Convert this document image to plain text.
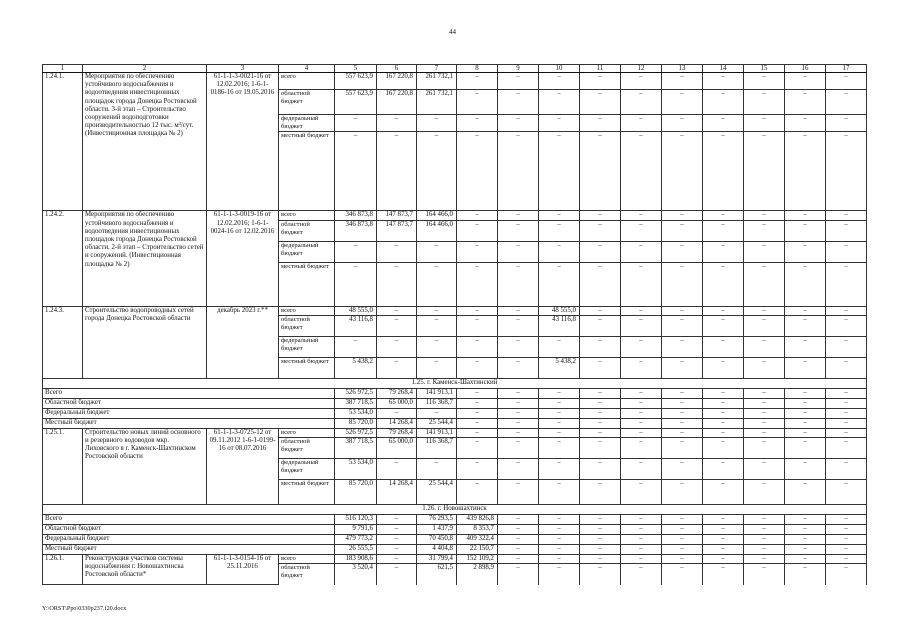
44
1	2	3	4	5	6	7	8	9	10	11	12	13	14	15	16	17
1.24.1.	Мероприятия по обеспечению устойчивого водоснабжения и водоотведения инвестиционных площадок города Донецка Ростовской области. 3-й этап – Строительство сооружений водоподготовки производительностью 12 тыс. м³/сут. (Инвестиционная площадка № 2)	61-1-1-3-0021-16 от 12.02.2016; 1-6-1-0186-16 от 19.05.2016	всего	557 623,9	167 220,8	261 732,1	–	–	–	–	–	–	–	–	–	–
			областной бюджет	557 623,9	167 220,8	261 732,1	–	–	–	–	–	–	–	–	–	–
			федеральный бюджет	–	–	–	–	–	–	–	–	–	–	–	–	–
			местный бюджет	–	–	–	–	–	–	–	–	–	–	–	–	–
1.24.2.	Мероприятия по обеспечению устойчивого водоснабжения и водоотведения инвестиционных площадок города Донецка Ростовской области. 2-й этап – Строительство сетей и сооружений. (Инвестиционная площадка № 2)	61-1-1-3-0019-16 от 12.02.2016; 1-6-1-0024-16 от 12.02.2016	всего	346 873,8	147 873,7	164 466,0	–	–	–	–	–	–	–	–	–	–
			областной бюджет	346 873,8	147 873,7	164 466,0	–	–	–	–	–	–	–	–	–	–
			федеральный бюджет	–	–	–	–	–	–	–	–	–	–	–	–	–
			местный бюджет	–	–	–	–	–	–	–	–	–	–	–	–	–
1.24.3.	Строительство водопроводных сетей города Донецка Ростовской области	декабрь 2023 г.**	всего	48 555,0	–	–	–	–	48 555,0	–	–	–	–	–	–	–
			областной бюджет	43 116,8	–	–	–	–	43 116,8	–	–	–	–	–	–	–
			федеральный бюджет	–	–	–	–	–	–	–	–	–	–	–	–	–
			местный бюджет	5 438,2	–	–	–	–	5 438,2	–	–	–	–	–	–	–
1.25. г. Каменск-Шахтинский																
Всего				526 972,5	79 268,4	141 913,1	–	–	–	–	–	–	–	–	–	–
Областной бюджет				387 718,5	65 000,0	116 368,7	–	–	–	–	–	–	–	–	–	–
Федеральный бюджет				53 534,0	–	–	–	–	–	–	–	–	–	–	–	–
Местный бюджет				85 720,0	14 268,4	25 544,4	–	–	–	–	–	–	–	–	–	–
1.25.1.	Строительство новых линий основного и резервного водоводов мкр. Лиховского в г. Каменск-Шахтинском Ростовской области	61-1-1-3-0725-12 от 09.11.2012 1-6-1-0199-16 от 08.07.2016	всего	526 972,5	79 268,4	141 913,1	–	–	–	–	–	–	–	–	–	–
			областной бюджет	387 718,5	65 000,0	116 368,7	–	–	–	–	–	–	–	–	–	–
			федеральный бюджет	53 534,0	–	–	–	–	–	–	–	–	–	–	–	–
			местный бюджет	85 720,0	14 268,4	25 544,4	–	–	–	–	–	–	–	–	–	–
1.26. г. Новошахтинск																
Всего				516 120,3	–	76 293,5	439 826,8	–	–	–	–	–	–	–	–	–
Областной бюджет				9 791,6	–	1 437,9	8 353,7	–	–	–	–	–	–	–	–	–
Федеральный бюджет				479 773,2	–	70 450,8	409 322,4	–	–	–	–	–	–	–	–	–
Местный бюджет				26 555,5	–	4 404,8	22 150,7	–	–	–	–	–	–	–	–	–
1.26.1.	Реконструкция участков системы водоснабжения г. Новошахтинска Ростовской области*	61-1-1-3-0154-16 от 25.11.2016	всего	183 908,6	–	31 799,4	152 109,2	–	–	–	–	–	–	–	–	–
			областной бюджет	3 520,4	–	621,5	2 898,9	–	–	–	–	–	–	–	–	–
Y:\ORST\Ppo\0330p237.f20.docx
